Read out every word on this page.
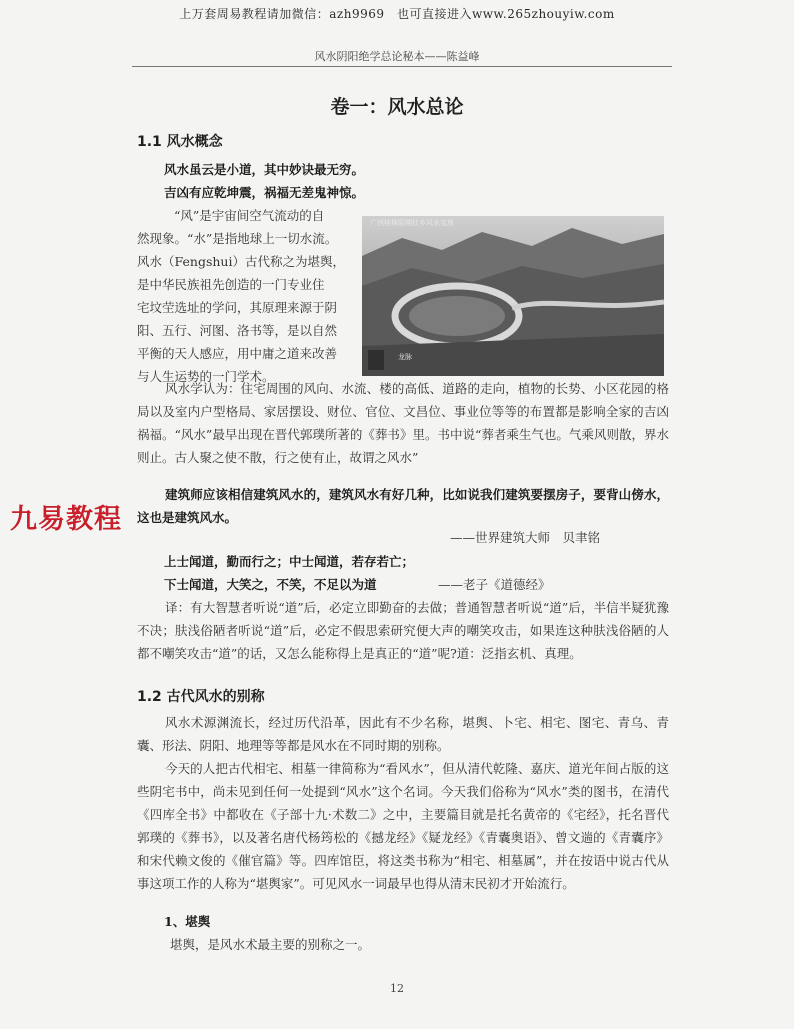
上万套周易教程请加微信：azh9969　也可直接进入www.265zhouyiw.com
风水阴阳绝学总论秘本——陈益峰
卷一：风水总论
1.1 风水概念
风水虽云是小道，其中妙诀最无穷。
吉凶有应乾坤震，祸福无差鬼神惊。
“风”是宇宙间空气流动的自
然现象。“水”是指地球上一切水流。
风水（Fengshui）古代称之为堪舆，
是中华民族祖先创造的一门专业住
宅坟茔选址的学问，其原理来源于阴
阳、五行、河图、洛书等，是以自然
平衡的天人感应，用中庸之道来改善
与人生运势的一门学术。
广西桂林阳朔壮乡风水宝地
龙脉
风水学认为：住宅周围的风向、水流、楼的高低、道路的走向，植物的长势、小区花园的格局以及室内户型格局、家居摆设、财位、官位、文昌位、事业位等等的布置都是影响全家的吉凶祸福。“风水”最早出现在晋代郭璞所著的《葬书》里。书中说“葬者乘生气也。气乘风则散，界水则止。古人聚之使不散，行之使有止，故谓之风水”
建筑师应该相信建筑风水的，建筑风水有好几种，比如说我们建筑要摆房子，要背山傍水，这也是建筑风水。
九易教程
——世界建筑大师　贝聿铭
上士闻道，勤而行之；中士闻道，若存若亡；
下士闻道，大笑之，不笑，不足以为道	——老子《道德经》
译：有大智慧者听说“道”后，必定立即勤奋的去做；普通智慧者听说“道”后，半信半疑犹豫不决；肤浅俗陋者听说“道”后，必定不假思索研究便大声的嘲笑攻击，如果连这种肤浅俗陋的人都不嘲笑攻击“道”的话，又怎么能称得上是真正的“道”呢?道：泛指玄机、真理。
1.2 古代风水的别称
风水术源渊流长，经过历代沿革，因此有不少名称，堪舆、卜宅、相宅、图宅、青乌、青囊、形法、阴阳、地理等等都是风水在不同时期的别称。
今天的人把古代相宅、相墓一律简称为“看风水”，但从清代乾隆、嘉庆、道光年间占版的这些阴宅书中，尚未见到任何一处提到“风水”这个名词。今天我们俗称为“风水”类的图书，在清代《四库全书》中都收在《子部十九·术数二》之中，主要篇目就是托名黄帝的《宅经》，托名晋代郭璞的《葬书》，以及著名唐代杨筠松的《撼龙经》《疑龙经》《青囊奥语》、曾文遄的《青囊序》和宋代赖文俊的《催官篇》等。四库馆臣，将这类书称为“相宅、相墓属”，并在按语中说古代从事这项工作的人称为“堪舆家”。可见风水一词最早也得从清末民初才开始流行。
1、堪舆
堪舆，是风水术最主要的别称之一。
12
